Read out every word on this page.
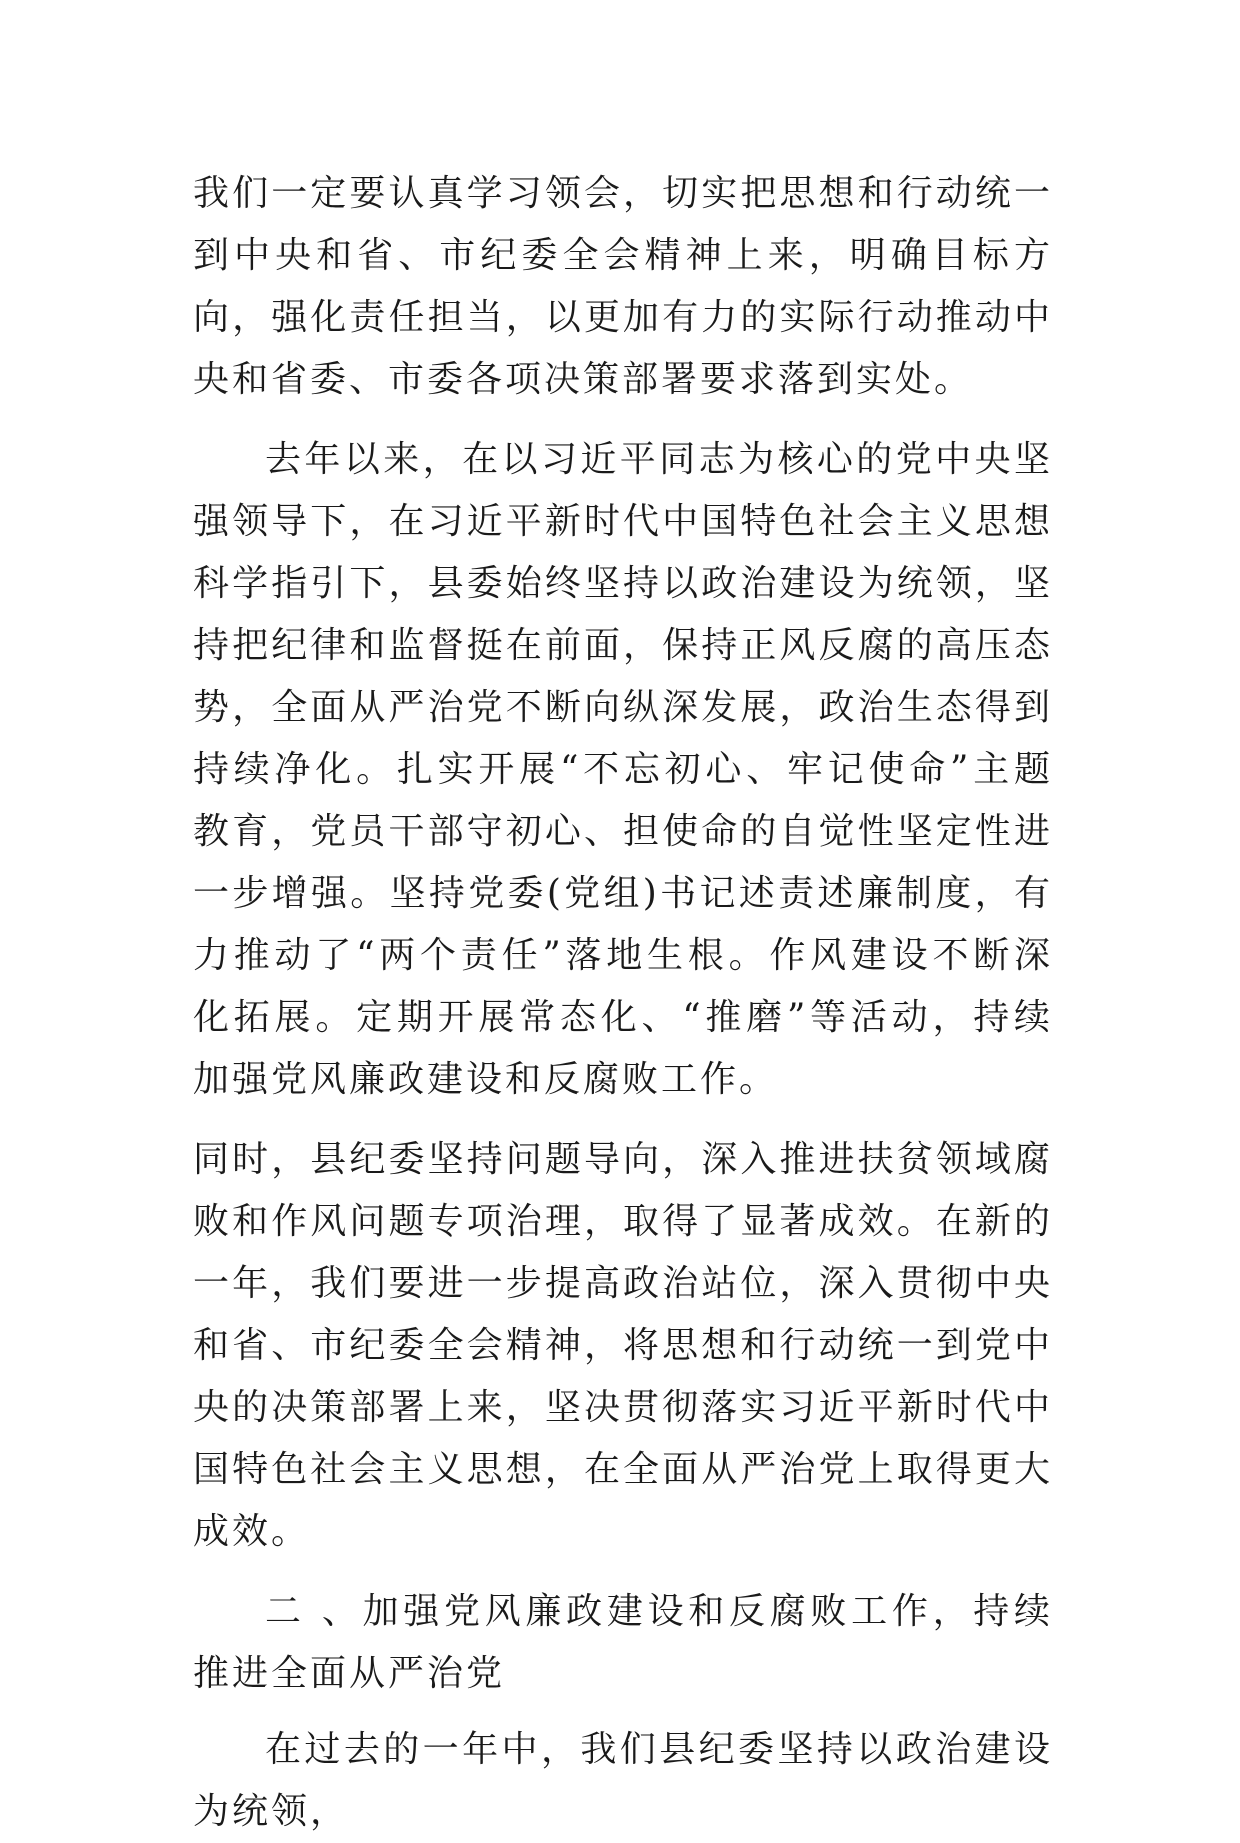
我们一定要认真学习领会，切实把思想和行动统一到中央和省、市纪委全会精神上来，明确目标方向，强化责任担当，以更加有力的实际行动推动中央和省委、市委各项决策部署要求落到实处。

去年以来，在以习近平同志为核心的党中央坚强领导下，在习近平新时代中国特色社会主义思想科学指引下，县委始终坚持以政治建设为统领，坚持把纪律和监督挺在前面，保持正风反腐的高压态势，全面从严治党不断向纵深发展，政治生态得到持续净化。扎实开展“不忘初心、牢记使命”主题教育，党员干部守初心、担使命的自觉性坚定性进一步增强。坚持党委(党组)书记述责述廉制度，有力推动了“两个责任”落地生根。作风建设不断深化拓展。定期开展常态化、“推磨”等活动，持续加强党风廉政建设和反腐败工作。

同时，县纪委坚持问题导向，深入推进扶贫领域腐败和作风问题专项治理，取得了显著成效。在新的一年，我们要进一步提高政治站位，深入贯彻中央和省、市纪委全会精神，将思想和行动统一到党中央的决策部署上来，坚决贯彻落实习近平新时代中国特色社会主义思想，在全面从严治党上取得更大成效。

二 、加强党风廉政建设和反腐败工作，持续推进全面从严治党

在过去的一年中，我们县纪委坚持以政治建设为统领，
